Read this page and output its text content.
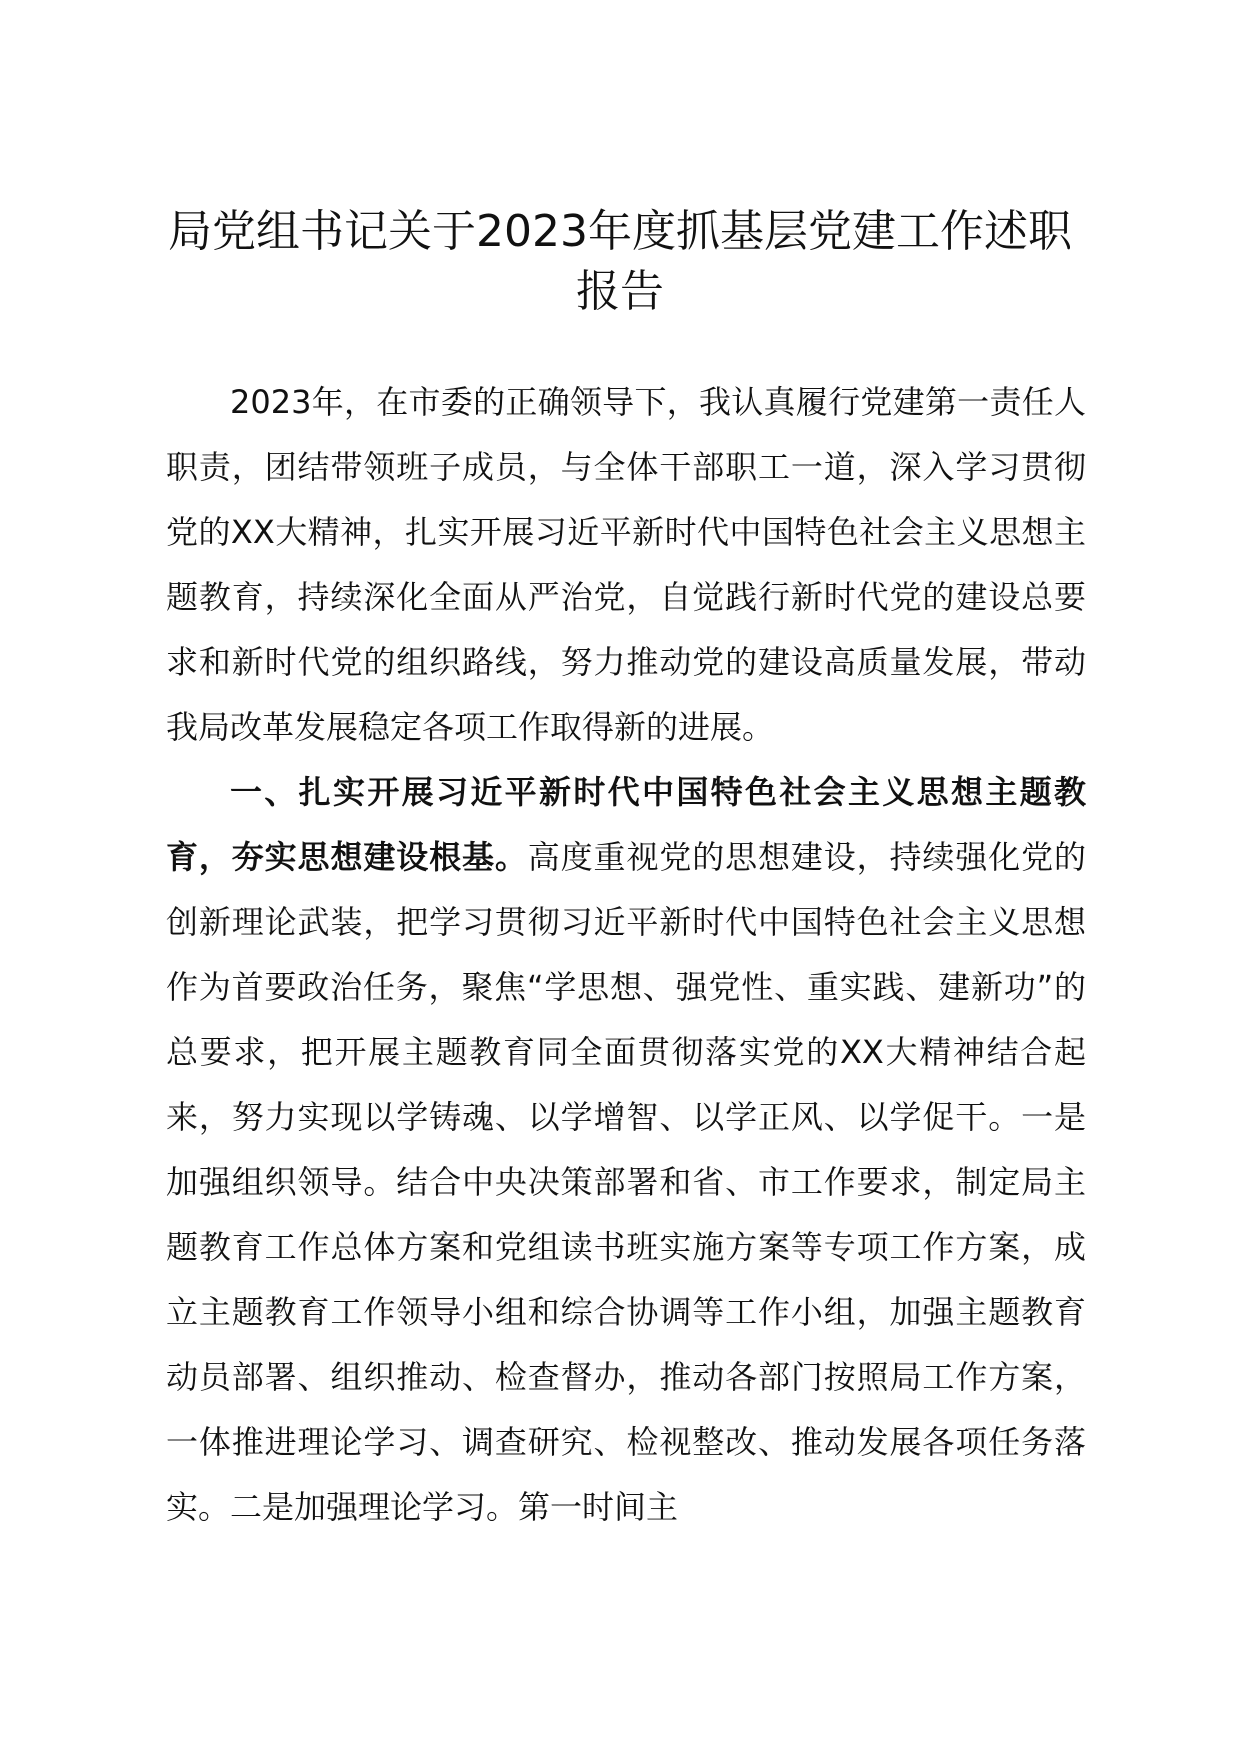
局党组书记关于2023年度抓基层党建工作述职报告

2023年，在市委的正确领导下，我认真履行党建第一责任人职责，团结带领班子成员，与全体干部职工一道，深入学习贯彻党的XX大精神，扎实开展习近平新时代中国特色社会主义思想主题教育，持续深化全面从严治党，自觉践行新时代党的建设总要求和新时代党的组织路线，努力推动党的建设高质量发展，带动我局改革发展稳定各项工作取得新的进展。

一、扎实开展习近平新时代中国特色社会主义思想主题教育，夯实思想建设根基。高度重视党的思想建设，持续强化党的创新理论武装，把学习贯彻习近平新时代中国特色社会主义思想作为首要政治任务，聚焦“学思想、强党性、重实践、建新功”的总要求，把开展主题教育同全面贯彻落实党的XX大精神结合起来，努力实现以学铸魂、以学增智、以学正风、以学促干。一是加强组织领导。结合中央决策部署和省、市工作要求，制定局主题教育工作总体方案和党组读书班实施方案等专项工作方案，成立主题教育工作领导小组和综合协调等工作小组，加强主题教育动员部署、组织推动、检查督办，推动各部门按照局工作方案，一体推进理论学习、调查研究、检视整改、推动发展各项任务落实。二是加强理论学习。第一时间主
